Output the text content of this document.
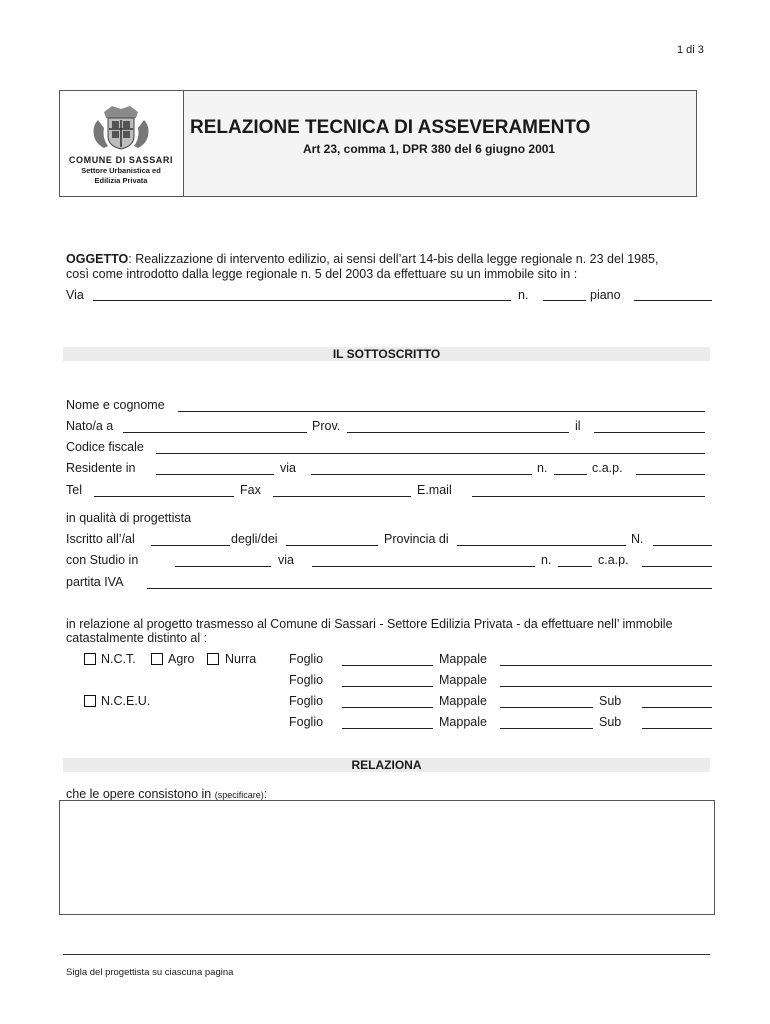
1 di 3
COMUNE DI SASSARI
Settore Urbanistica ed
Edilizia Privata
RELAZIONE TECNICA DI ASSEVERAMENTO
Art 23, comma 1, DPR 380 del 6 giugno 2001
OGGETTO: Realizzazione di intervento edilizio, ai sensi dell’art 14-bis della legge regionale n. 23 del 1985,
così come introdotto dalla legge regionale n. 5 del 2003 da effettuare su un immobile sito in :
Via	n.	piano
IL SOTTOSCRITTO
Nome e cognome
Nato/a a	Prov.	il
Codice fiscale
Residente in	via	n.	c.a.p.
Tel	Fax	E.mail
in qualità di progettista
Iscritto all’/al	degli/dei	Provincia di	N.
con Studio in	via	n.	c.a.p.
partita IVA
in relazione al progetto trasmesso al Comune di Sassari - Settore Edilizia Privata - da effettuare nell’ immobile
catastalmente distinto al :
N.C.T.	Agro Nurra	Foglio	Mappale
Foglio	Mappale
N.C.E.U.	Foglio	Mappale	Sub
Foglio	Mappale	Sub
RELAZIONA
che le opere consistono in (specificare):
Sigla del progettista su ciascuna pagina
